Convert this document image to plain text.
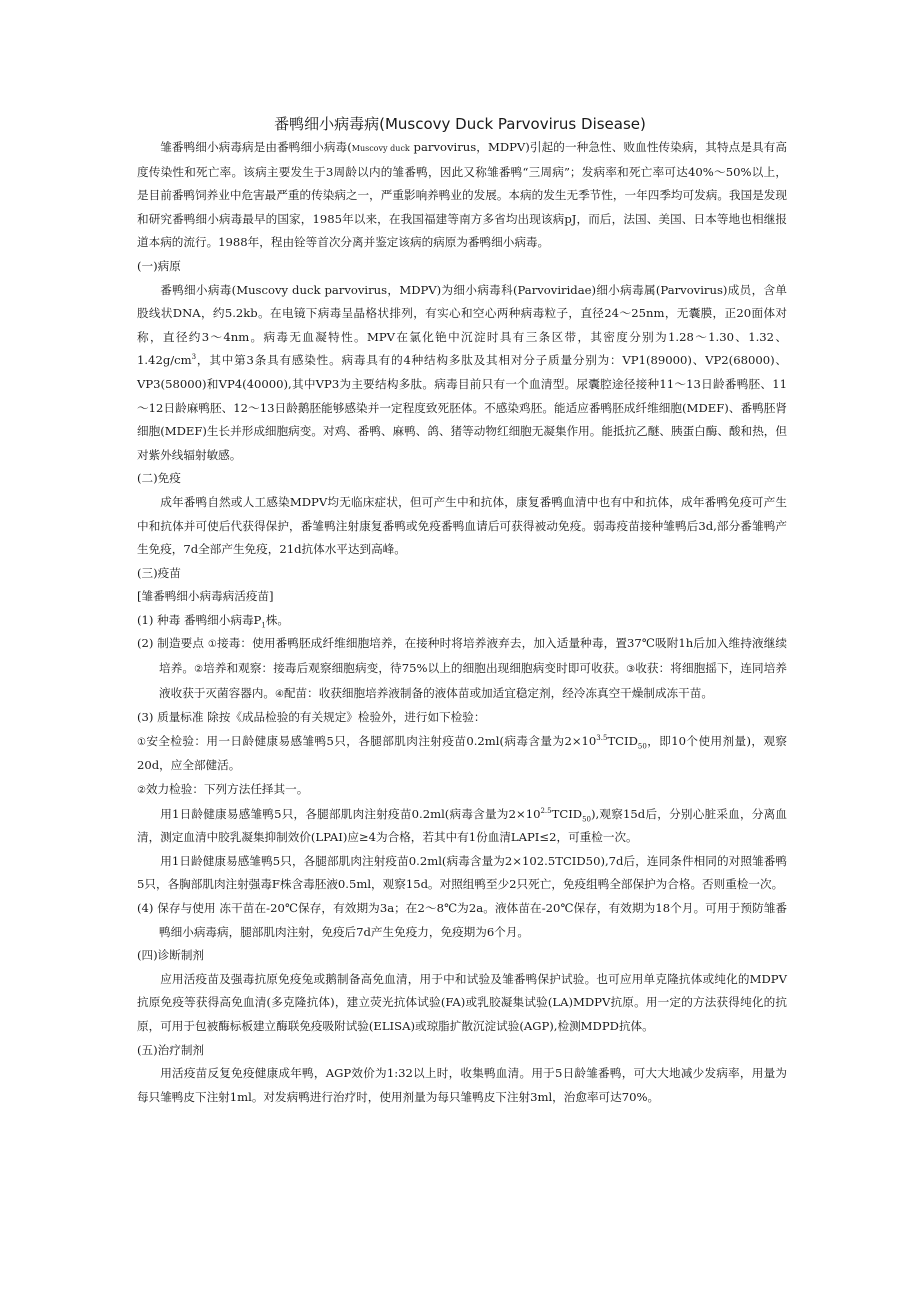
番鸭细小病毒病(Muscovy Duck Parvovirus Disease)

雏番鸭细小病毒病是由番鸭细小病毒(Muscovy duck parvovirus，MDPV)引起的一种急性、败血性传染病，其特点是具有高度传染性和死亡率。该病主要发生于3周龄以内的雏番鸭，因此又称雏番鸭“三周病”；发病率和死亡率可达40%～50%以上，是目前番鸭饲养业中危害最严重的传染病之一，严重影响养鸭业的发展。本病的发生无季节性，一年四季均可发病。我国是发现和研究番鸭细小病毒最早的国家，1985年以来，在我国福建等南方多省均出现该病pJ，而后，法国、美国、日本等地也相继报道本病的流行。1988年，程由铨等首次分离并鉴定该病的病原为番鸭细小病毒。

(一)病原

番鸭细小病毒(Muscovy duck parvovirus，MDPV)为细小病毒科(Parvoviridae)细小病毒属(Parvovirus)成员，含单股线状DNA，约5.2kb。在电镜下病毒呈晶格状排列，有实心和空心两种病毒粒子，直径24～25nm，无囊膜，正20面体对称，直径约3～4nm。病毒无血凝特性。MPV在氯化铯中沉淀时具有三条区带，其密度分别为1.28～1.30、1.32、$1.42g/cm^3$，其中第3条具有感染性。病毒具有的4种结构多肽及其相对分子质量分别为：VP1(89000)、VP2(68000)、VP3(58000)和VP4(40000),其中VP3为主要结构多肽。病毒目前只有一个血清型。尿囊腔途径接种11～13日龄番鸭胚、11～12日龄麻鸭胚、12～13日龄鹅胚能够感染并一定程度致死胚体。不感染鸡胚。能适应番鸭胚成纤维细胞(MDEF)、番鸭胚肾细胞(MDEF)生长并形成细胞病变。对鸡、番鸭、麻鸭、鸽、猪等动物红细胞无凝集作用。能抵抗乙醚、胰蛋白酶、酸和热，但对紫外线辐射敏感。

(二)免疫

成年番鸭自然或人工感染MDPV均无临床症状，但可产生中和抗体，康复番鸭血清中也有中和抗体，成年番鸭免疫可产生中和抗体并可使后代获得保护，番雏鸭注射康复番鸭或免疫番鸭血请后可获得被动免疫。弱毒疫苗接种雏鸭后3d,部分番雏鸭产生免疫，7d全部产生免疫，21d抗体水平达到高峰。

(三)疫苗

[雏番鸭细小病毒病活疫苗]

(1) 种毒 番鸭细小病毒$P_1$株。

(2) 制造要点 ①接毒：使用番鸭胚成纤维细胞培养，在接种时将培养液弃去，加入适量种毒，置37℃吸附1h后加入维持液继续培养。②培养和观察：接毒后观察细胞病变，待75%以上的细胞出现细胞病变时即可收获。③收获：将细胞摇下，连同培养液收获于灭菌容器内。④配苗：收获细胞培养液制备的液体苗或加适宜稳定剂，经冷冻真空干燥制成冻干苗。

(3) 质量标准 除按《成品检验的有关规定》检验外，进行如下检验：

①安全检验：用一日龄健康易感雏鸭5只，各腿部肌肉注射疫苗0.2ml(病毒含量为$2\times 10^{3.5}TCID_{50}$，即10个使用剂量)，观察20d，应全部健活。

②效力检验：下列方法任择其一。

用1日龄健康易感雏鸭5只，各腿部肌肉注射疫苗0.2ml(病毒含量为$2\times 10^{2.5}TCID_{50}$),观察15d后，分别心脏采血，分离血清，测定血清中胶乳凝集抑制效价(LPAI)应≥4为合格，若其中有1份血清LAPI≤2，可重检一次。

用1日龄健康易感雏鸭5只，各腿部肌肉注射疫苗0.2ml(病毒含量为2×102.5TCID50),7d后，连同条件相同的对照雏番鸭5只，各胸部肌肉注射强毒F株含毒胚液0.5ml，观察15d。对照组鸭至少2只死亡，免疫组鸭全部保护为合格。否则重检一次。

(4) 保存与使用 冻干苗在-20℃保存，有效期为3a；在2～8℃为2a。液体苗在-20℃保存，有效期为18个月。可用于预防雏番鸭细小病毒病，腿部肌肉注射，免疫后7d产生免疫力，免疫期为6个月。

(四)诊断制剂

应用活疫苗及强毒抗原免疫兔或鹅制备高免血清，用于中和试验及雏番鸭保护试验。也可应用单克隆抗体或纯化的MDPV抗原免疫等获得高免血清(多克隆抗体)，建立荧光抗体试验(FA)或乳胶凝集试验(LA)MDPV抗原。用一定的方法获得纯化的抗原，可用于包被酶标板建立酶联免疫吸附试验(ELISA)或琼脂扩散沉淀试验(AGP),检测MDPD抗体。

(五)治疗制剂

用活疫苗反复免疫健康成年鸭，AGP效价为1:32以上时，收集鸭血清。用于5日龄雏番鸭，可大大地减少发病率，用量为每只雏鸭皮下注射1ml。对发病鸭进行治疗时，使用剂量为每只雏鸭皮下注射3ml，治愈率可达70%。
